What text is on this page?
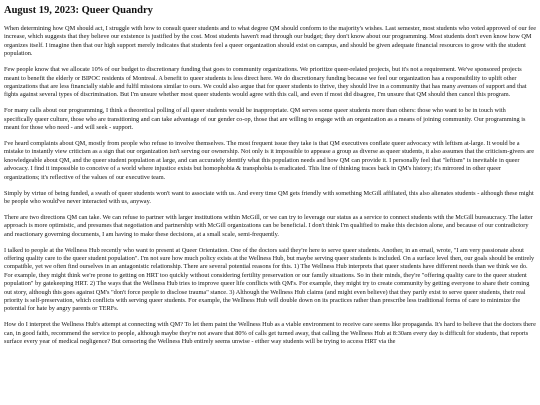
August 19, 2023: Queer Quandry

When determining how QM should act, I struggle with how to consult queer students and to what degree QM should conform to the majority's wishes. Last semester, most students who voted approved of our fee increase, which suggests that they believe our existence is justified by the cost. Most students haven't read through our budget; they don't know about our programming. Most students don't even know how QM organizes itself. I imagine then that our high support merely indicates that students feel a queer organization should exist on campus, and should be given adequate financial resources to grow with the student population.

Few people know that we allocate 10% of our budget to discretionary funding that goes to community organizations. We prioritize queer-related projects, but it's not a requirement. We've sponsored projects meant to benefit the elderly or BIPOC residents of Montreal. A benefit to queer students is less direct here. We do discretionary funding because we feel our organization has a responsibility to uplift other organizations that are less financially stable and fulfil missions similar to ours. We could also argue that for queer students to thrive, they should live in a community that has many avenues of support and that fights against several types of discrimination. But I'm unsure whether most queer students would agree with this call, and even if most did disagree, I'm unsure that QM should then cancel this program.

For many calls about our programming, I think a theoretical polling of all queer students would be inappropriate. QM serves some queer students more than others: those who want to be in touch with specifically queer culture, those who are transitioning and can take advantage of our gender co-op, those that are willing to engage with an organization as a means of joining community. Our programming is meant for those who need - and will seek - support.

I've heard complaints about QM, mostly from people who refuse to involve themselves. The most frequent issue they take is that QM executives conflate queer advocacy with leftism at-large. It would be a mistake to instantly view criticism as a sign that our organization isn't serving our ownership. Not only is it impossible to appease a group as diverse as queer students, it also assumes that the criticism-givers are knowledgeable about QM, and the queer student population at large, and can accurately identify what this population needs and how QM can provide it. I personally feel that "leftism" is inevitable in queer advocacy. I find it impossible to conceive of a world where injustice exists but homophobia & transphobia is eradicated. This line of thinking traces back in QM's history; it's mirrored in other queer organizations; it's reflective of the values of our executive team.

Simply by virtue of being funded, a swath of queer students won't want to associate with us. And every time QM gets friendly with something McGill affiliated, this also alienates students - although these might be people who would've never interacted with us, anyway.

There are two directions QM can take. We can refuse to partner with larger institutions within McGill, or we can try to leverage our status as a service to connect students with the McGill bureaucracy. The latter approach is more optimistic, and presumes that negotiation and partnership with McGill organizations can be beneficial. I don't think I'm qualified to make this decision alone, and because of our contradictory and reactionary governing documents, I am having to make these decisions, at a small scale, semi-frequently.

I talked to people at the Wellness Hub recently who want to present at Queer Orientation. One of the doctors said they're here to serve queer students. Another, in an email, wrote, "I am very passionate about offering quality care to the queer student population". I'm not sure how much policy exists at the Wellness Hub, but maybe serving queer students is included. On a surface level then, our goals should be entirely compatible, yet we often find ourselves in an antagonistic relationship. There are several potential reasons for this. 1) The Wellness Hub interprets that queer students have different needs than we think we do. For example, they might think we're prone to getting on HRT too quickly without considering fertility preservation or our family situations. So in their minds, they're "offering quality care to the queer student population" by gatekeeping HRT. 2) The ways that the Wellness Hub tries to improve queer life conflicts with QM's. For example, they might try to create community by getting everyone to share their coming out story, although this goes against QM's "don't force people to disclose trauma" stance. 3) Although the Wellness Hub claims (and might even believe) that they partly exist to serve queer students, their real priority is self-preservation, which conflicts with serving queer students. For example, the Wellness Hub will double down on its practices rather than prescribe less traditional forms of care to minimize the potential for hate by angry parents or TERFs.

How do I interpret the Wellness Hub's attempt at connecting with QM? To let them paint the Wellness Hub as a viable environment to receive care seems like propaganda. It's hard to believe that the doctors there can, in good faith, recommend the service to people, although maybe they're not aware that 80% of calls get turned away, that calling the Wellness Hub at 8:30am every day is difficult for students, that reports surface every year of medical negligence? But censoring the Wellness Hub entirely seems unwise - either way students will be trying to access HRT via the
